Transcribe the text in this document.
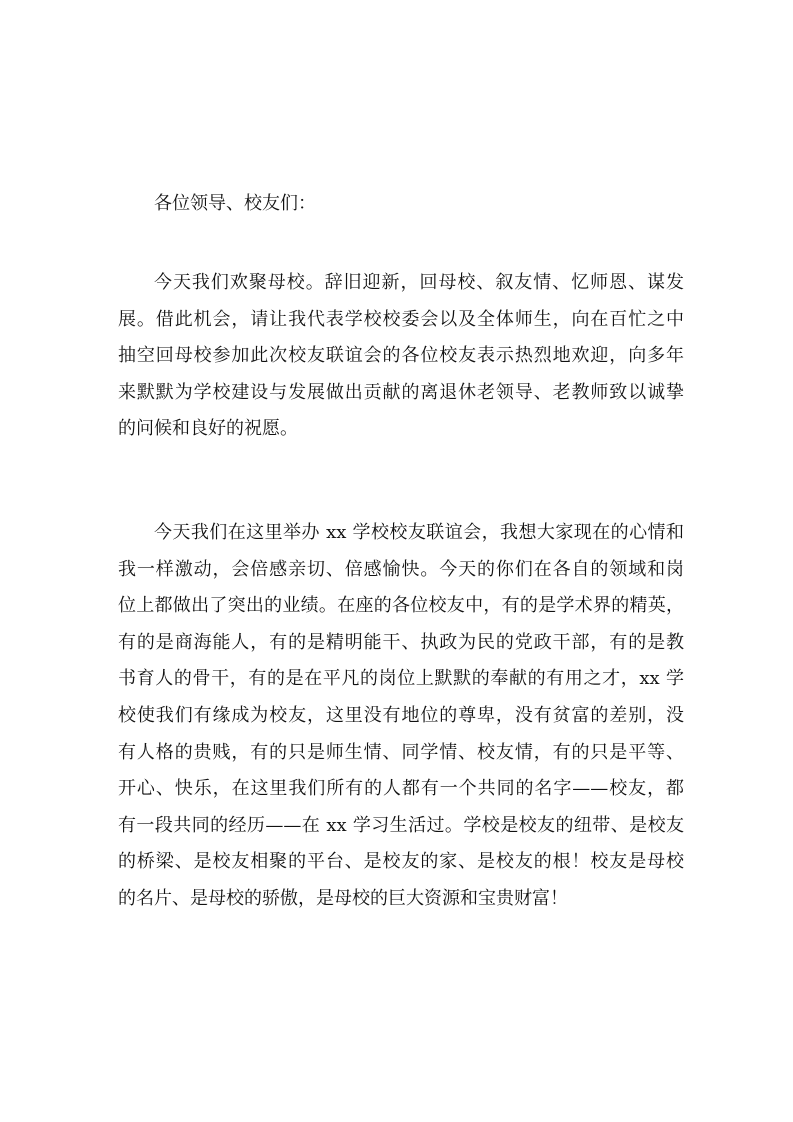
各位领导、校友们：
今天我们欢聚母校。辞旧迎新，回母校、叙友情、忆师恩、谋发
展。借此机会，请让我代表学校校委会以及全体师生，向在百忙之中
抽空回母校参加此次校友联谊会的各位校友表示热烈地欢迎，向多年
来默默为学校建设与发展做出贡献的离退休老领导、老教师致以诚挚
的问候和良好的祝愿。
今天我们在这里举办 xx 学校校友联谊会，我想大家现在的心情和
我一样激动，会倍感亲切、倍感愉快。今天的你们在各自的领域和岗
位上都做出了突出的业绩。在座的各位校友中，有的是学术界的精英，
有的是商海能人，有的是精明能干、执政为民的党政干部，有的是教
书育人的骨干，有的是在平凡的岗位上默默的奉献的有用之才，xx 学
校使我们有缘成为校友，这里没有地位的尊卑，没有贫富的差别，没
有人格的贵贱，有的只是师生情、同学情、校友情，有的只是平等、
开心、快乐，在这里我们所有的人都有一个共同的名字——校友，都
有一段共同的经历——在 xx 学习生活过。学校是校友的纽带、是校友
的桥梁、是校友相聚的平台、是校友的家、是校友的根！校友是母校
的名片、是母校的骄傲，是母校的巨大资源和宝贵财富！
